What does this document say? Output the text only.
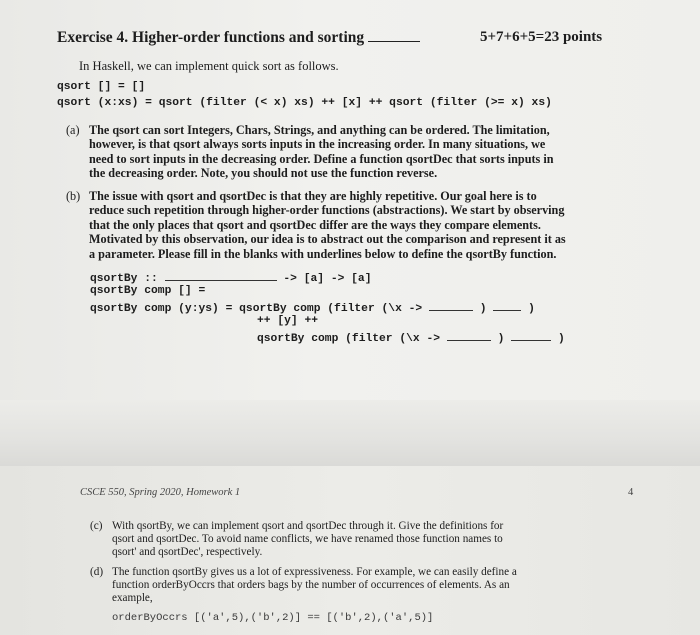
Exercise 4. Higher-order functions and sorting	5+7+6+5=23 points
In Haskell, we can implement quick sort as follows.
qsort [] = []
qsort (x:xs) = qsort (filter (< x) xs) ++ [x] ++ qsort (filter (>= x) xs)
(a) The qsort can sort Integers, Chars, Strings, and anything can be ordered. The limitation,
however, is that qsort always sorts inputs in the increasing order. In many situations, we
need to sort inputs in the decreasing order. Define a function qsortDec that sorts inputs in
the decreasing order. Note, you should not use the function reverse.
(b) The issue with qsort and qsortDec is that they are highly repetitive. Our goal here is to
reduce such repetition through higher-order functions (abstractions). We start by observing
that the only places that qsort and qsortDec differ are the ways they compare elements.
Motivated by this observation, our idea is to abstract out the comparison and represent it as
a parameter. Please fill in the blanks with underlines below to define the qsortBy function.
qsortBy ::	-> [a] -> [a]
qsortBy comp [] =
qsortBy comp (y:ys) = qsortBy comp (filter (\x ->	)	)
++ [y] ++
qsortBy comp (filter (\x ->	)	)
CSCE 550, Spring 2020, Homework 1	4
(c) With qsortBy, we can implement qsort and qsortDec through it. Give the definitions for
qsort and qsortDec. To avoid name conflicts, we have renamed those function names to
qsort' and qsortDec', respectively.
(d) The function qsortBy gives us a lot of expressiveness. For example, we can easily define a
function orderByOccrs that orders bags by the number of occurrences of elements. As an
example,
orderByOccrs [('a',5),('b',2)] == [('b',2),('a',5)]
